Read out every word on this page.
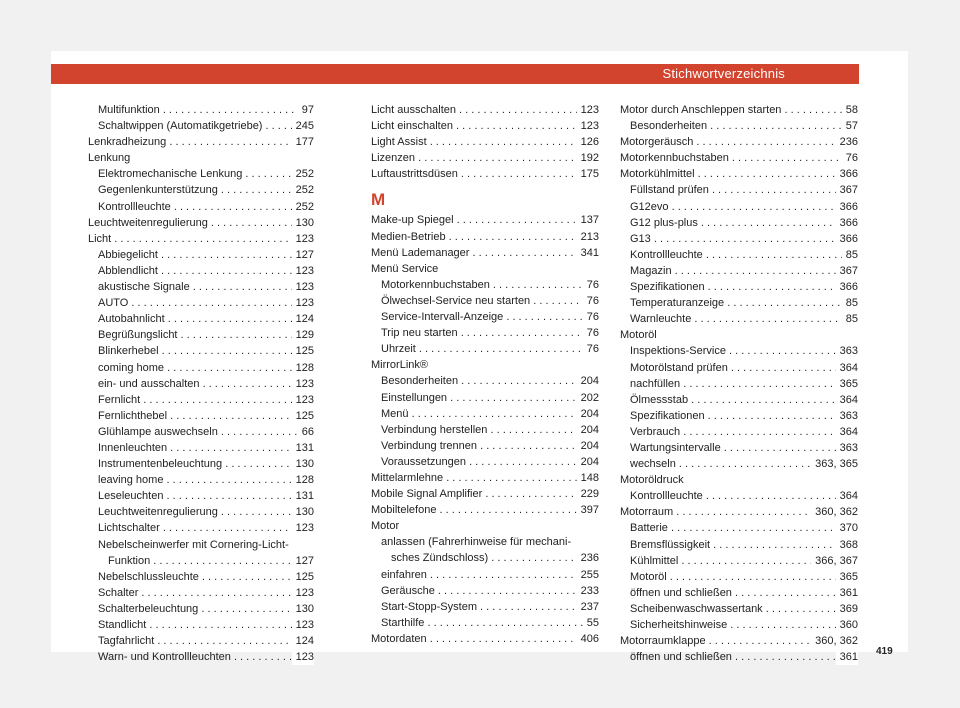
Stichwortverzeichnis
Multifunktion . . .	97
Schaltwippen (Automatikgetriebe) . . .	245
Lenkradheizung . . .	177
Lenkung
Elektromechanische Lenkung . . .	252
Gegenlenkunterstützung . . .	252
Kontrollleuchte . . .	252
Leuchtweitenregulierung . . .	130
Licht . . .	123
Abbiegelicht . . .	127
Abblendlicht . . .	123
akustische Signale . . .	123
AUTO . . .	123
Autobahnlicht . . .	124
Begrüßungslicht . . .	129
Blinkerhebel . . .	125
coming home . . .	128
ein- und ausschalten . . .	123
Fernlicht . . .	123
Fernlichthebel . . .	125
Glühlampe auswechseln . . .	66
Innenleuchten . . .	131
Instrumentenbeleuchtung . . .	130
leaving home . . .	128
Leseleuchten . . .	131
Leuchtweitenregulierung . . .	130
Lichtschalter . . .	123
Nebelscheinwerfer mit Cornering-Licht-
Funktion . . .	127
Nebelschlussleuchte . . .	125
Schalter . . .	123
Schalterbeleuchtung . . .	130
Standlicht . . .	123
Tagfahrlicht . . .	124
Warn- und Kontrollleuchten . . .	123
Licht ausschalten . . .	123
Licht einschalten . . .	123
Light Assist . . .	126
Lizenzen . . .	192
Luftaustrittsdüsen . . .	175
M
Make-up Spiegel . . .	137
Medien-Betrieb . . .	213
Menü Lademanager . . .	341
Menü Service
Motorkennbuchstaben . . .	76
Ölwechsel-Service neu starten . . .	76
Service-Intervall-Anzeige . . .	76
Trip neu starten . . .	76
Uhrzeit . . .	76
MirrorLink®
Besonderheiten . . .	204
Einstellungen . . .	202
Menü . . .	204
Verbindung herstellen . . .	204
Verbindung trennen . . .	204
Voraussetzungen . . .	204
Mittelarmlehne . . .	148
Mobile Signal Amplifier . . .	229
Mobiltelefone . . .	397
Motor
anlassen (Fahrerhinweise für mechani-
sches Zündschloss) . . .	236
einfahren . . .	255
Geräusche . . .	233
Start-Stopp-System . . .	237
Starthilfe . . .	55
Motordaten . . .	406
Motor durch Anschleppen starten . . .	58
Besonderheiten . . .	57
Motorgeräusch . . .	236
Motorkennbuchstaben . . .	76
Motorkühlmittel . . .	366
Füllstand prüfen . . .	367
G12evo . . .	366
G12 plus-plus . . .	366
G13 . . .	366
Kontrollleuchte . . .	85
Magazin . . .	367
Spezifikationen . . .	366
Temperaturanzeige . . .	85
Warnleuchte . . .	85
Motoröl
Inspektions-Service . . .	363
Motorölstand prüfen . . .	364
nachfüllen . . .	365
Ölmessstab . . .	364
Spezifikationen . . .	363
Verbrauch . . .	364
Wartungsintervalle . . .	363
wechseln . . .	363, 365
Motoröldruck
Kontrollleuchte . . .	364
Motorraum . . .	360, 362
Batterie . . .	370
Bremsflüssigkeit . . .	368
Kühlmittel . . .	366, 367
Motoröl . . .	365
öffnen und schließen . . .	361
Scheibenwaschwassertank . . .	369
Sicherheitshinweise . . .	360
Motorraumklappe . . .	360, 362
öffnen und schließen . . .	361 419
